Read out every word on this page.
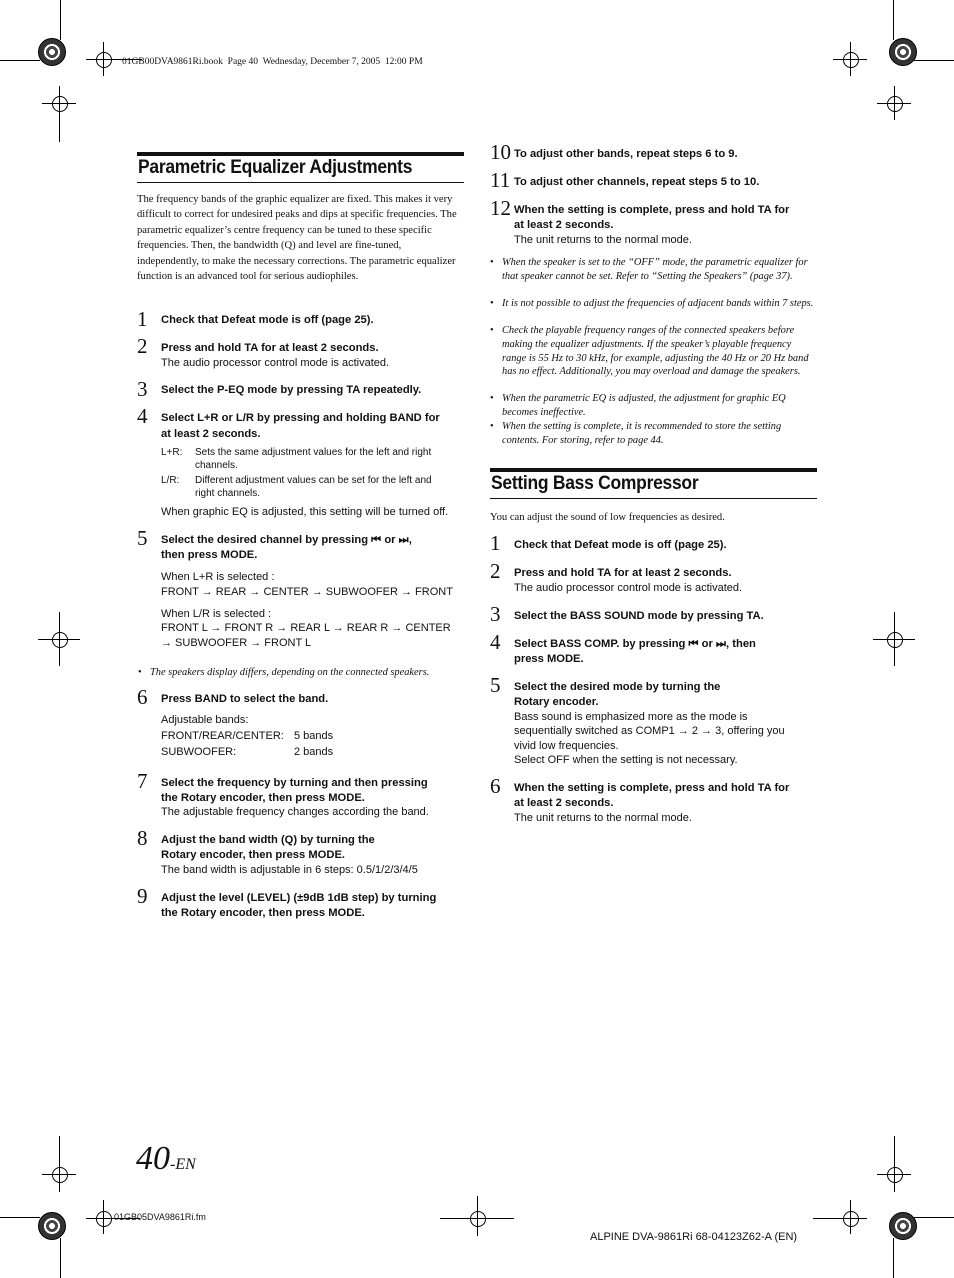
01GB00DVA9861Ri.book  Page 40  Wednesday, December 7, 2005  12:00 PM
Parametric Equalizer Adjustments
The frequency bands of the graphic equalizer are fixed. This makes it very difficult to correct for undesired peaks and dips at specific frequencies. The parametric equalizer’s centre frequency can be tuned to these specific frequencies. Then, the bandwidth (Q) and level are fine-tuned, independently, to make the necessary corrections. The parametric equalizer function is an advanced tool for serious audiophiles.
1 Check that Defeat mode is off (page 25).
2 Press and hold TA for at least 2 seconds.
The audio processor control mode is activated.
3 Select the P-EQ mode by pressing TA repeatedly.
4 Select L+R or L/R by pressing and holding BAND for
at least 2 seconds.
L+R: Sets the same adjustment values for the left and right
channels.
L/R: Different adjustment values can be set for the left and
right channels.
When graphic EQ is adjusted, this setting will be turned off.
5 Select the desired channel by pressing ⏮ or ⏭,
then press MODE.
When L+R is selected :
FRONT → REAR → CENTER → SUBWOOFER → FRONT
When L/R is selected :
FRONT L → FRONT R → REAR L → REAR R → CENTER
→ SUBWOOFER → FRONT L
• The speakers display differs, depending on the connected speakers.
6 Press BAND to select the band.
Adjustable bands:
FRONT/REAR/CENTER: 5 bands
SUBWOOFER:	2 bands
7 Select the frequency by turning and then pressing
the Rotary encoder, then press MODE.
The adjustable frequency changes according the band.
8 Adjust the band width (Q) by turning the
Rotary encoder, then press MODE.
The band width is adjustable in 6 steps: 0.5/1/2/3/4/5
9 Adjust the level (LEVEL) (±9dB 1dB step) by turning
the Rotary encoder, then press MODE.
10 To adjust other bands, repeat steps 6 to 9.
11 To adjust other channels, repeat steps 5 to 10.
12 When the setting is complete, press and hold TA for
at least 2 seconds.
The unit returns to the normal mode.
• When the speaker is set to the “OFF” mode, the parametric equalizer for that speaker cannot be set. Refer to “Setting the Speakers” (page 37).
• It is not possible to adjust the frequencies of adjacent bands within 7 steps.
• Check the playable frequency ranges of the connected speakers before making the equalizer adjustments. If the speaker’s playable frequency range is 55 Hz to 30 kHz, for example, adjusting the 40 Hz or 20 Hz band has no effect. Additionally, you may overload and damage the speakers.
• When the parametric EQ is adjusted, the adjustment for graphic EQ becomes ineffective.
• When the setting is complete, it is recommended to store the setting contents. For storing, refer to page 44.
Setting Bass Compressor
You can adjust the sound of low frequencies as desired.
1 Check that Defeat mode is off (page 25).
2 Press and hold TA for at least 2 seconds.
The audio processor control mode is activated.
3 Select the BASS SOUND mode by pressing TA.
4 Select BASS COMP. by pressing ⏮ or ⏭, then
press MODE.
5 Select the desired mode by turning the
Rotary encoder.
Bass sound is emphasized more as the mode is
sequentially switched as COMP1 → 2 → 3, offering you
vivid low frequencies.
Select OFF when the setting is not necessary.
6 When the setting is complete, press and hold TA for
at least 2 seconds.
The unit returns to the normal mode.
40-EN
01GB05DVA9861Ri.fm
ALPINE DVA-9861Ri 68-04123Z62-A (EN)
